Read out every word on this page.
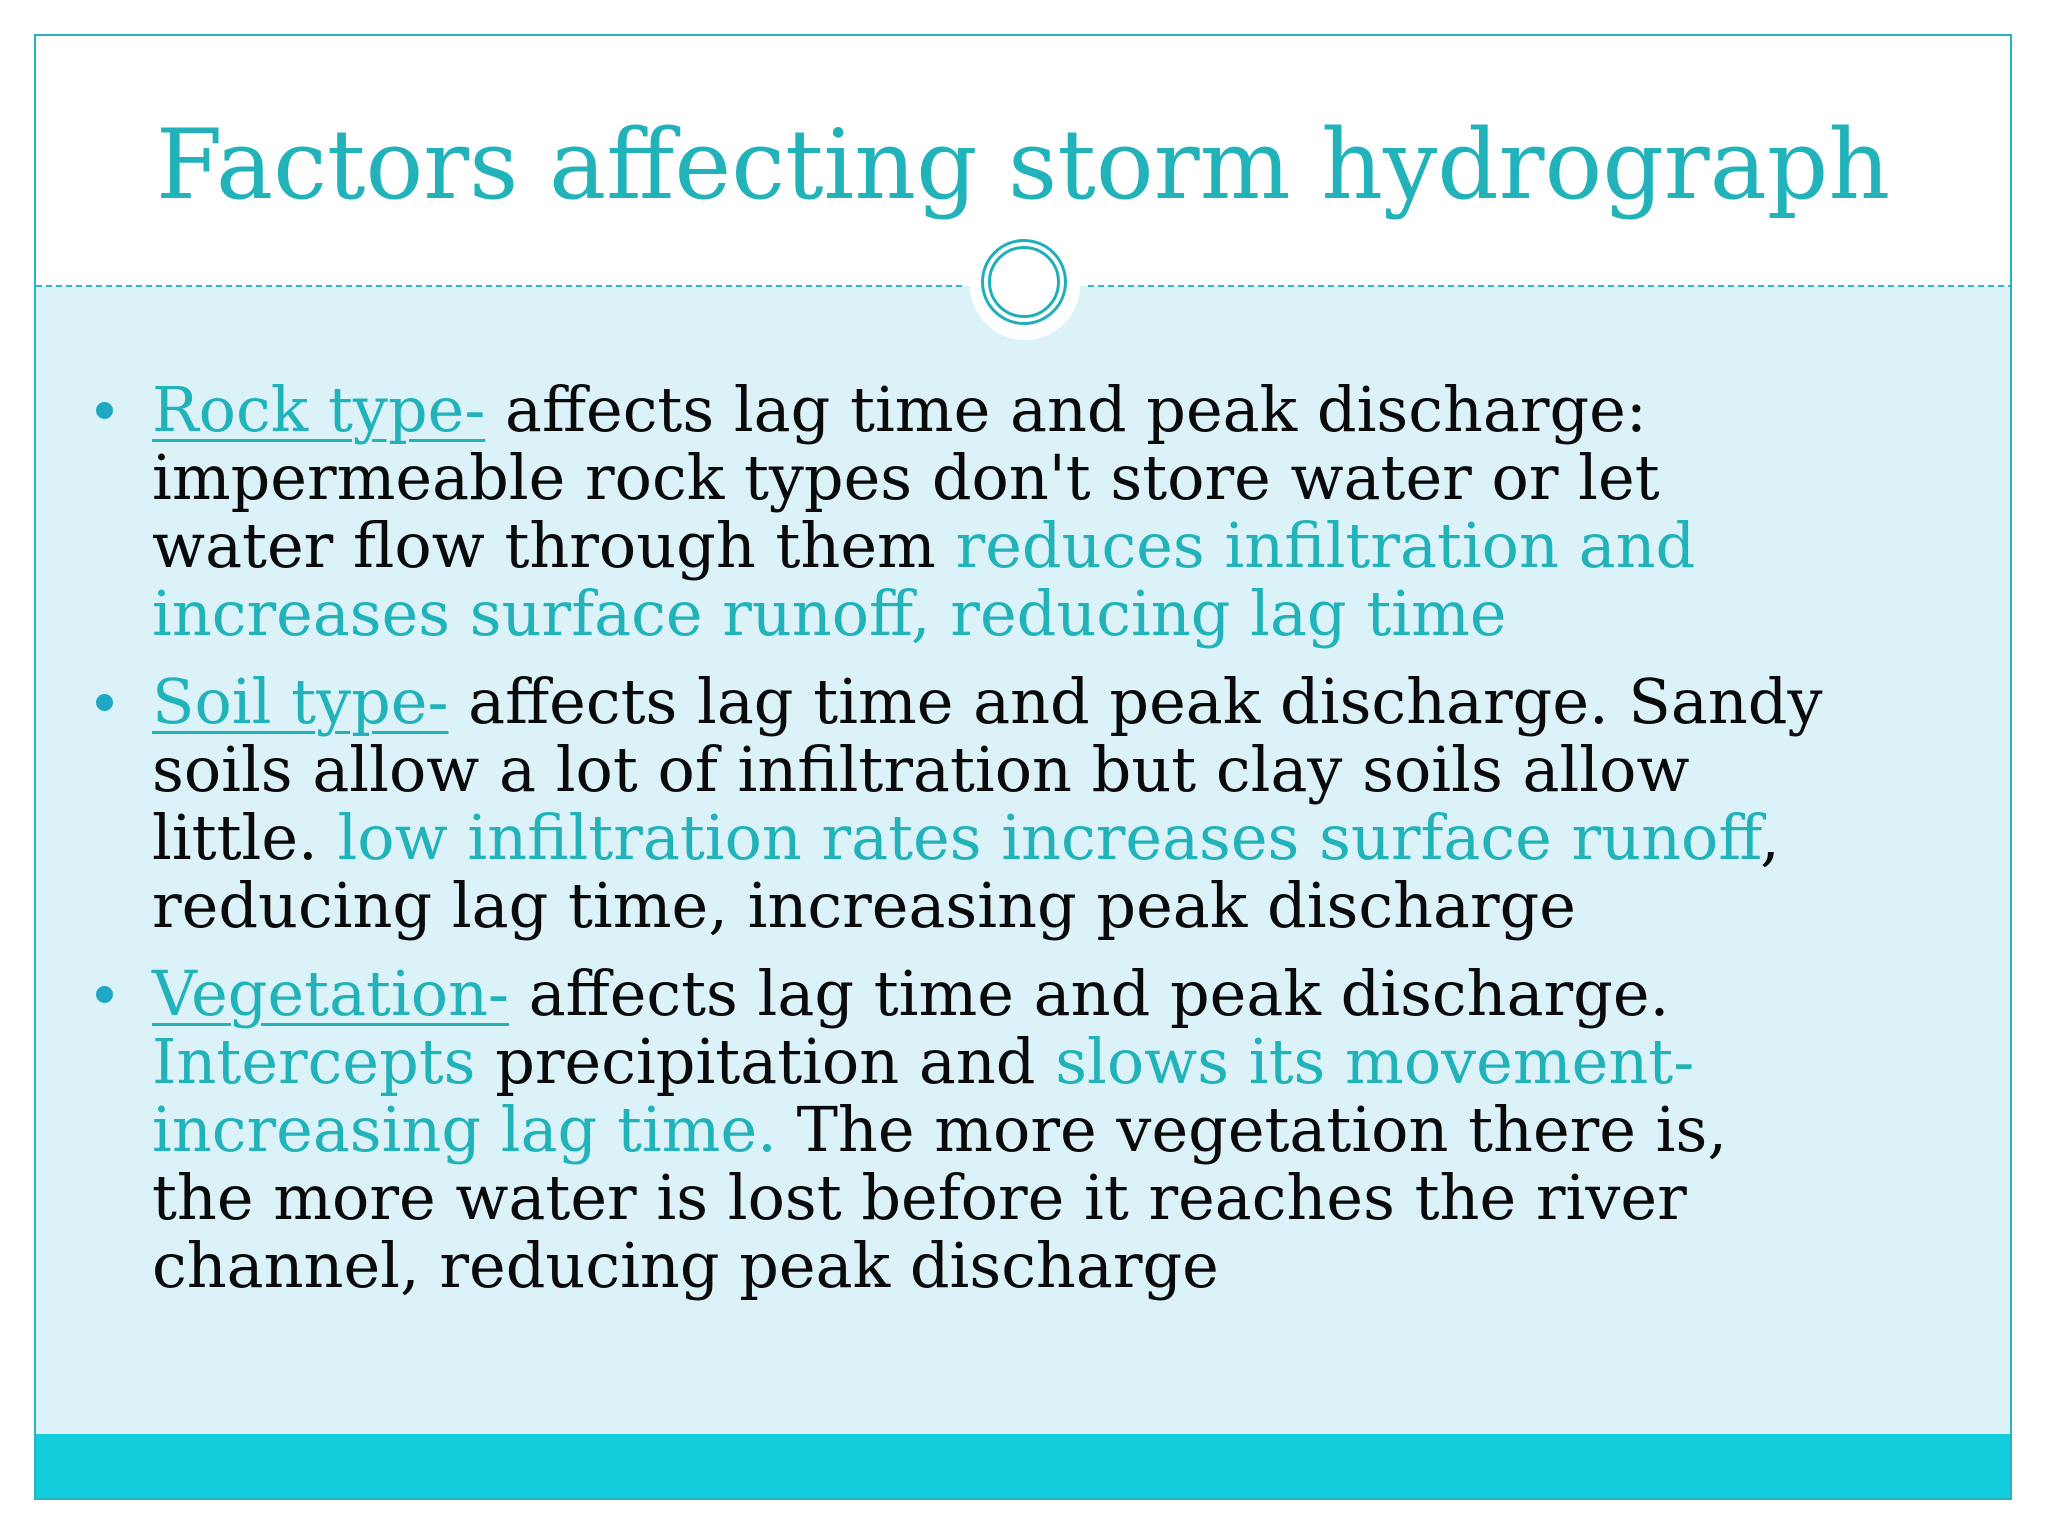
Factors affecting storm hydrograph
Rock type- affects lag time and peak discharge: impermeable rock types don't store water or let water flow through them reduces infiltration and increases surface runoff, reducing lag time
Soil type- affects lag time and peak discharge. Sandy soils allow a lot of infiltration but clay soils allow little. low infiltration rates increases surface runoff, reducing lag time, increasing peak discharge
Vegetation- affects lag time and peak discharge. Intercepts precipitation and slows its movement- increasing lag time. The more vegetation there is, the more water is lost before it reaches the river channel, reducing peak discharge
